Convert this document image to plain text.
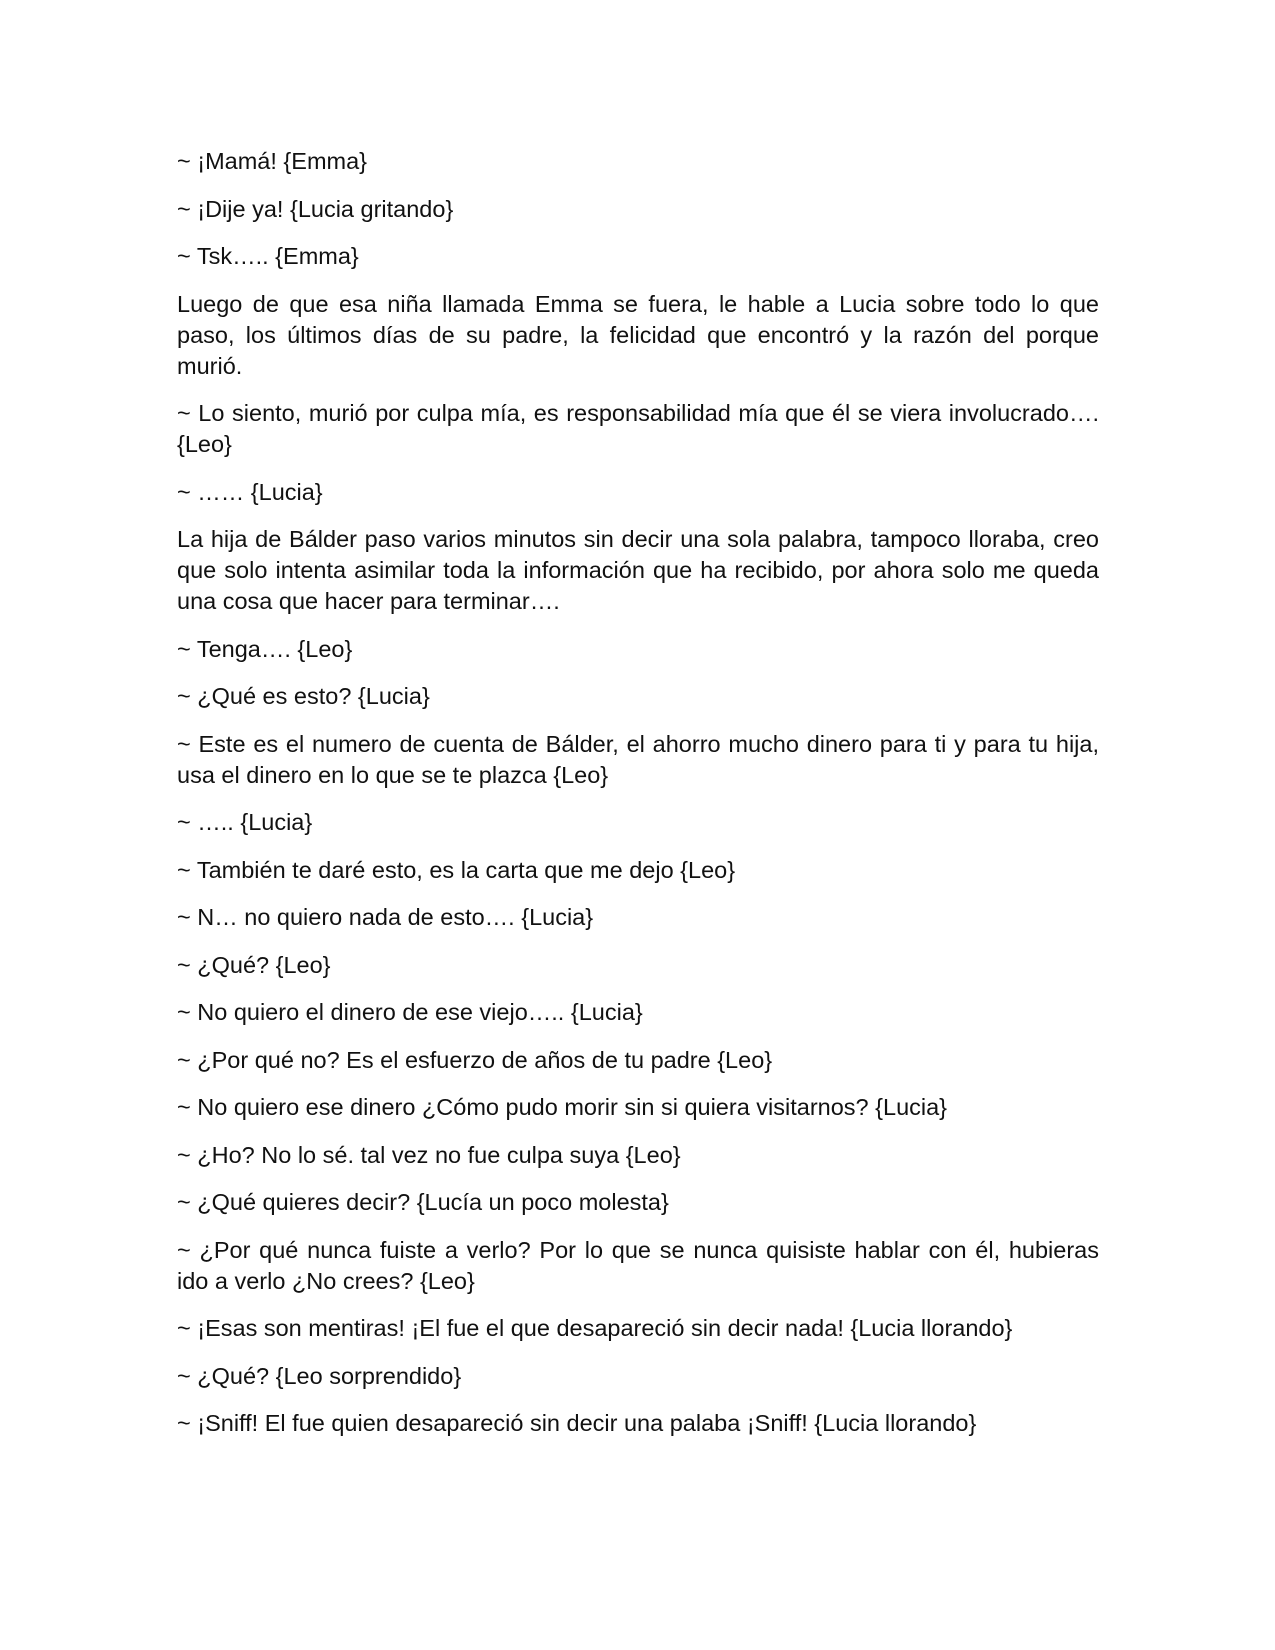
~ ¡Mamá! {Emma}

~ ¡Dije ya! {Lucia gritando}

~ Tsk….. {Emma}

Luego de que esa niña llamada Emma se fuera, le hable a Lucia sobre todo lo que paso, los últimos días de su padre, la felicidad que encontró y la razón del porque murió.

~ Lo siento, murió por culpa mía, es responsabilidad mía que él se viera involucrado…. {Leo}

~ …… {Lucia}

La hija de Bálder paso varios minutos sin decir una sola palabra, tampoco lloraba, creo que solo intenta asimilar toda la información que ha recibido, por ahora solo me queda una cosa que hacer para terminar….

~ Tenga…. {Leo}

~ ¿Qué es esto? {Lucia}

~ Este es el numero de cuenta de Bálder, el ahorro mucho dinero para ti y para tu hija, usa el dinero en lo que se te plazca {Leo}

~ ….. {Lucia}

~ También te daré esto, es la carta que me dejo {Leo}

~ N… no quiero nada de esto…. {Lucia}

~ ¿Qué? {Leo}

~ No quiero el dinero de ese viejo….. {Lucia}

~ ¿Por qué no? Es el esfuerzo de años de tu padre {Leo}

~ No quiero ese dinero ¿Cómo pudo morir sin si quiera visitarnos? {Lucia}

~ ¿Ho? No lo sé. tal vez no fue culpa suya {Leo}

~ ¿Qué quieres decir? {Lucía un poco molesta}

~ ¿Por qué nunca fuiste a verlo? Por lo que se nunca quisiste hablar con él, hubieras ido a verlo ¿No crees? {Leo}

~ ¡Esas son mentiras! ¡El fue el que desapareció sin decir nada! {Lucia llorando}

~ ¿Qué? {Leo sorprendido}

~ ¡Sniff! El fue quien desapareció sin decir una palaba ¡Sniff! {Lucia llorando}
